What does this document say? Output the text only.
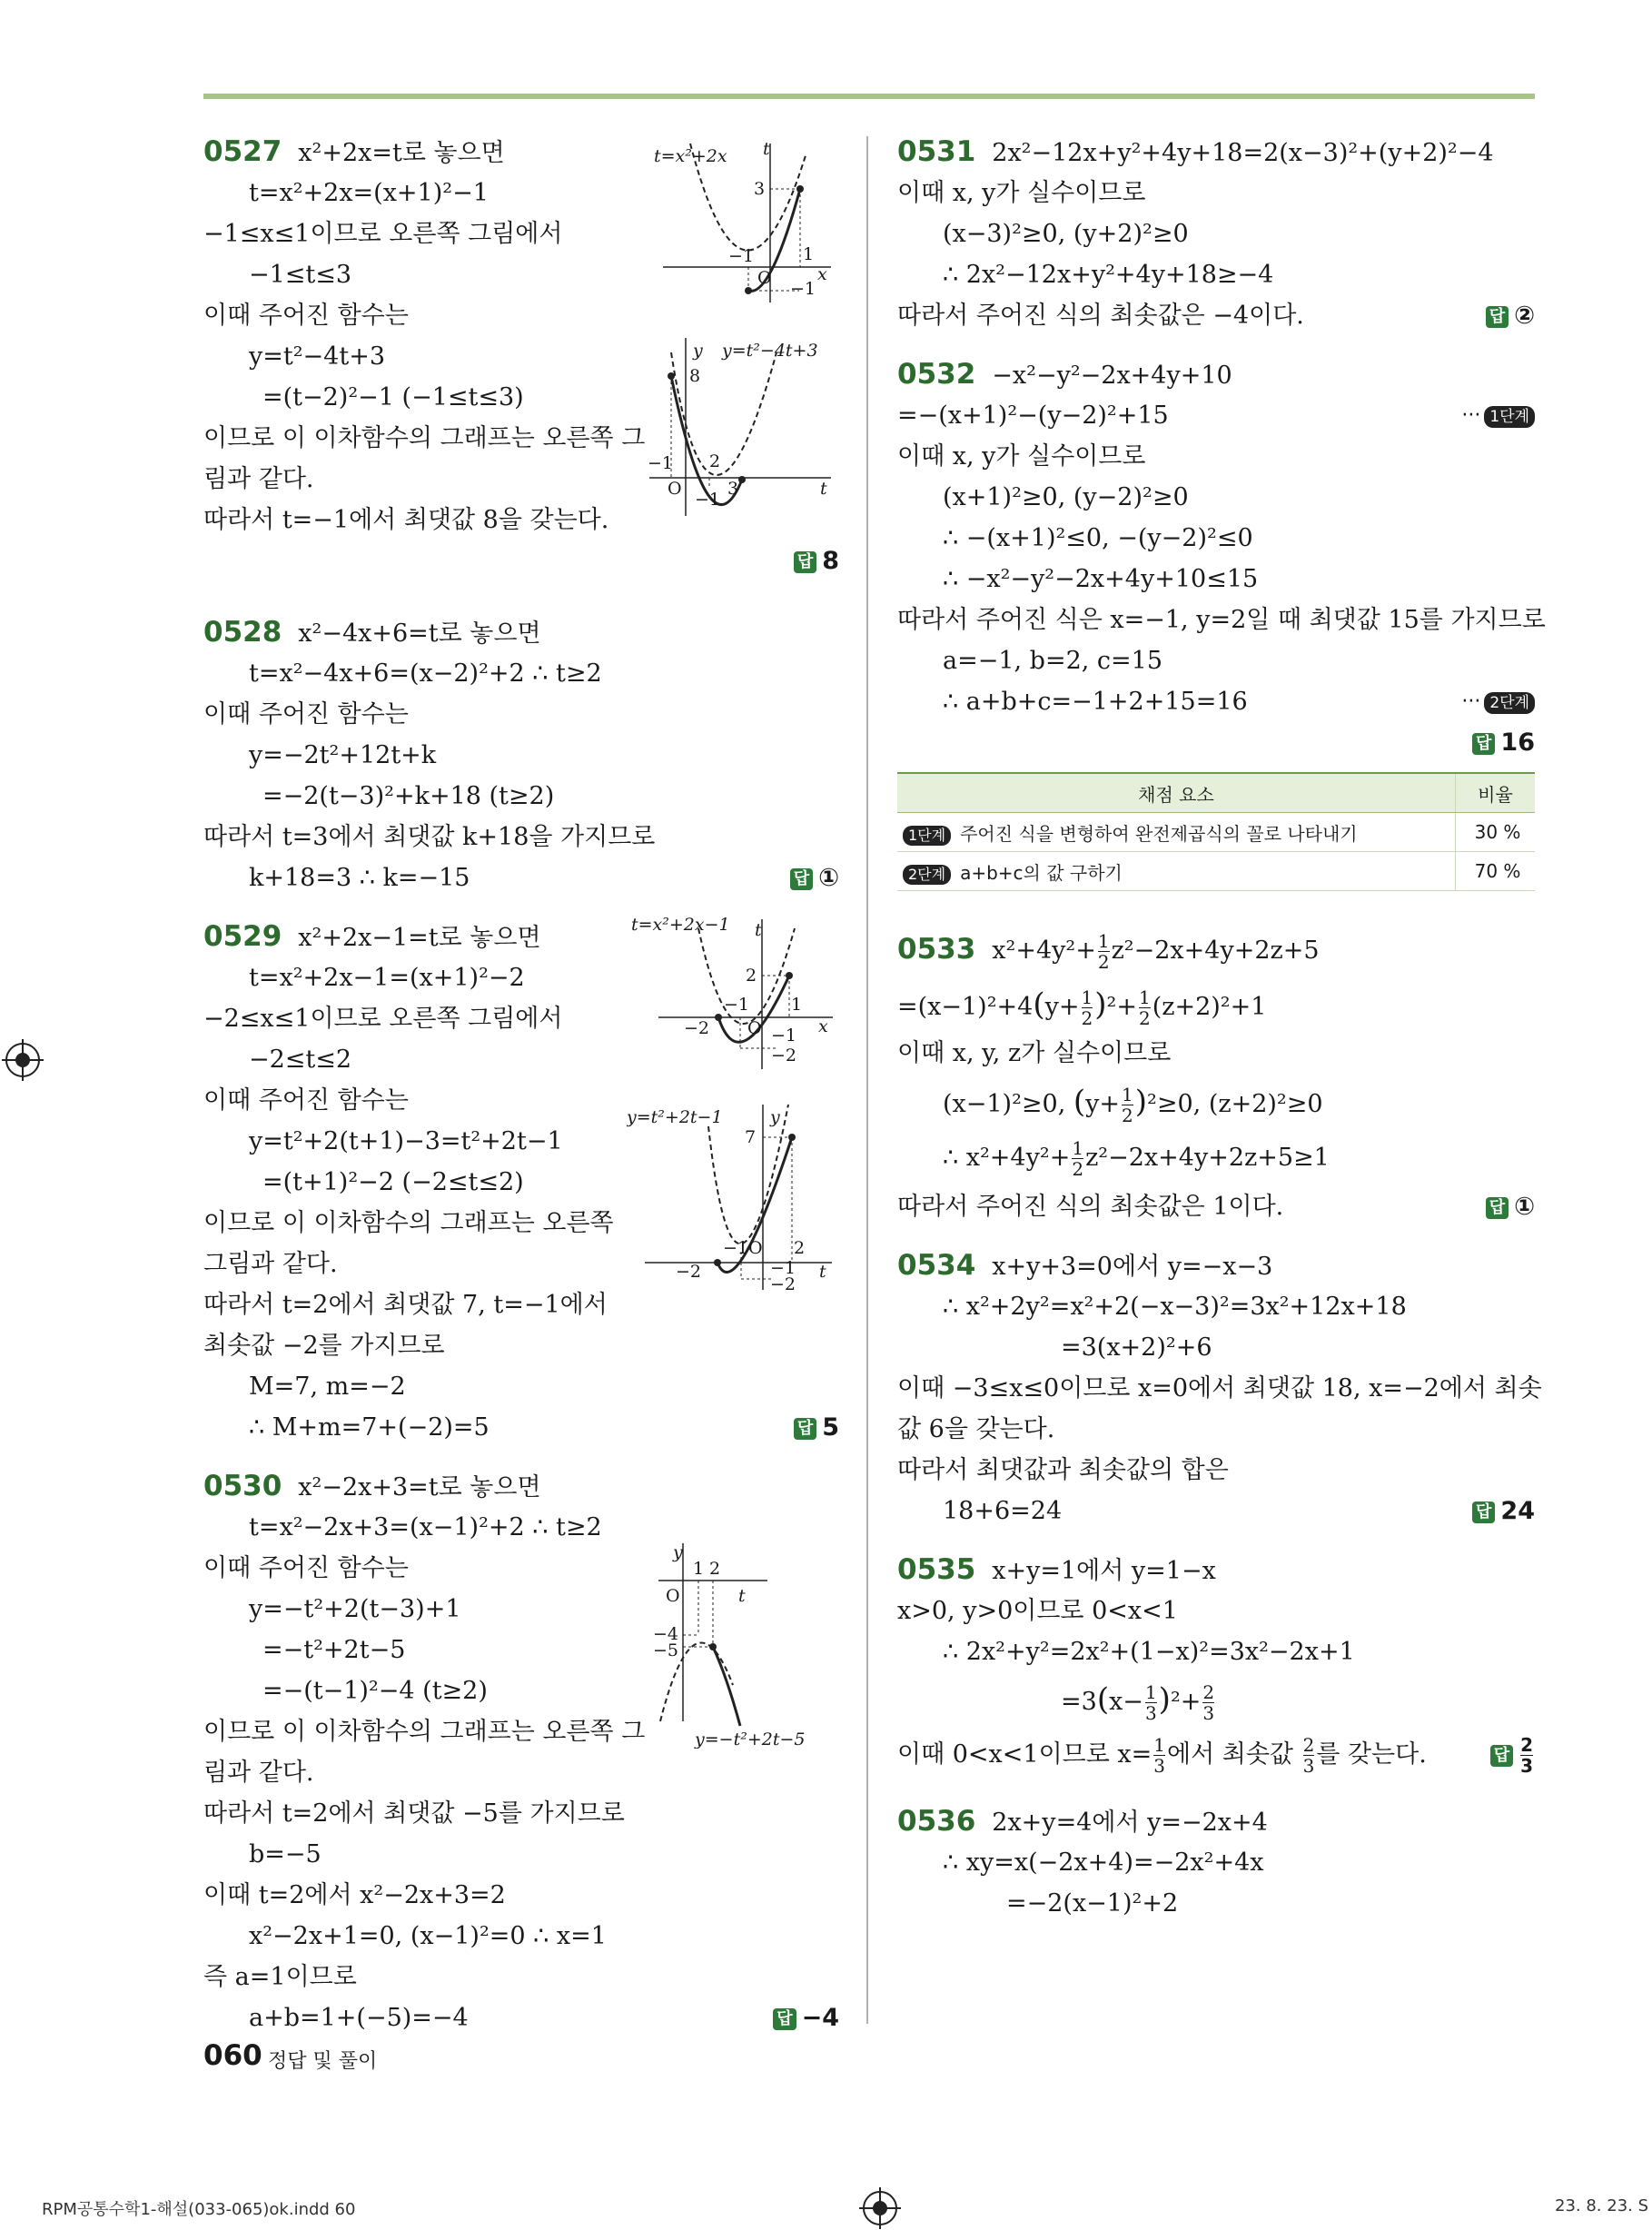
0527 x²+2x=t로 놓으면
t=x²+2x=(x+1)²−1
−1≤x≤1이므로 오른쪽 그림에서
−1≤t≤3
이때 주어진 함수는
y=t²−4t+3
=(t−2)²−1 (−1≤t≤3)
이므로 이 이차함수의 그래프는 오른쪽 그
림과 같다.
따라서 t=−1에서 최댓값 8을 갖는다.
답 8
0528 x²−4x+6=t로 놓으면
t=x²−4x+6=(x−2)²+2 ∴ t≥2
이때 주어진 함수는
y=−2t²+12t+k
=−2(t−3)²+k+18 (t≥2)
따라서 t=3에서 최댓값 k+18을 가지므로
k+18=3 ∴ k=−15	답 ①
0529 x²+2x−1=t로 놓으면
t=x²+2x−1=(x+1)²−2
−2≤x≤1이므로 오른쪽 그림에서
−2≤t≤2
이때 주어진 함수는
y=t²+2(t+1)−3=t²+2t−1
=(t+1)²−2 (−2≤t≤2)
이므로 이 이차함수의 그래프는 오른쪽
그림과 같다.
따라서 t=2에서 최댓값 7, t=−1에서
최솟값 −2를 가지므로
M=7, m=−2
∴ M+m=7+(−2)=5	답 5
0530 x²−2x+3=t로 놓으면
t=x²−2x+3=(x−1)²+2 ∴ t≥2
이때 주어진 함수는
y=−t²+2(t−3)+1
=−t²+2t−5
=−(t−1)²−4 (t≥2)
이므로 이 이차함수의 그래프는 오른쪽 그
림과 같다.
따라서 t=2에서 최댓값 −5를 가지므로
b=−5
이때 t=2에서 x²−2x+3=2
x²−2x+1=0, (x−1)²=0 ∴ x=1
즉 a=1이므로
a+b=1+(−5)=−4	답 −4
t=x²+2x t
3
−1
O
1
x
−1
y y=t²−4t+3
8
−1 2
O	3
−1
t
t=x²+2x−1 t
2
−1 1
−2 O	x
−1
−2
y=t²+2t−1	y
7
−1 O 2
−2	t
−1
−2
y
1 2
O	t
−4
−5
y=−t²+2t−5
0531 2x²−12x+y²+4y+18=2(x−3)²+(y+2)²−4
이때 x, y가 실수이므로
(x−3)²≥0, (y+2)²≥0
∴ 2x²−12x+y²+4y+18≥−4
따라서 주어진 식의 최솟값은 −4이다.	답 ②
0532 −x²−y²−2x+4y+10
=−(x+1)²−(y−2)²+15	··· 1단계
이때 x, y가 실수이므로
(x+1)²≥0, (y−2)²≥0
∴ −(x+1)²≤0, −(y−2)²≤0
∴ −x²−y²−2x+4y+10≤15
따라서 주어진 식은 x=−1, y=2일 때 최댓값 15를 가지므로
a=−1, b=2, c=15
∴ a+b+c=−1+2+15=16	··· 2단계
답 16
채점 요소	비율
1단계 주어진 식을 변형하여 완전제곱식의 꼴로 나타내기	30 %
2단계 a+b+c의 값 구하기	70 %
0533 $x^2+4y^2+ \frac{1}{2} z^2-2x+4y+2z+5$
$=(x-1)^2+4(y+ \frac{1}{2} )^2+ \frac{1}{2} (z+2)^2+1$
이때 x, y, z가 실수이므로
(x−1)²≥0, $(y+ \frac{1}{2} )^2\ge 0$, (z+2)²≥0
∴ $x^2+4y^2+ \frac{1}{2} z^2-2x+4y+2z+5\ge 1$
따라서 주어진 식의 최솟값은 1이다.	답 ①
0534 x+y+3=0에서 y=−x−3
∴ x²+2y²=x²+2(−x−3)²=3x²+12x+18
=3(x+2)²+6
이때 −3≤x≤0이므로 x=0에서 최댓값 18, x=−2에서 최솟
값 6을 갖는다.
따라서 최댓값과 최솟값의 합은
18+6=24	답 24
0535 x+y=1에서 y=1−x
x>0, y>0이므로 0<x<1
∴ 2x²+y²=2x²+(1−x)²=3x²−2x+1
$=3(x- \frac{1}{3} )^2+ \frac{2}{3}$
이때 0<x<1이므로 $x= \frac{1}{3}$ 에서 최솟값 $\frac{2}{3}$ 를 갖는다.	답 $\frac{2}{3}$
0536 2x+y=4에서 y=−2x+4
∴ xy=x(−2x+4)=−2x²+4x
=−2(x−1)²+2
060 정답 및 풀이
RPM공통수학1-해설(033-065)ok.indd 60	23. 8. 23. S
